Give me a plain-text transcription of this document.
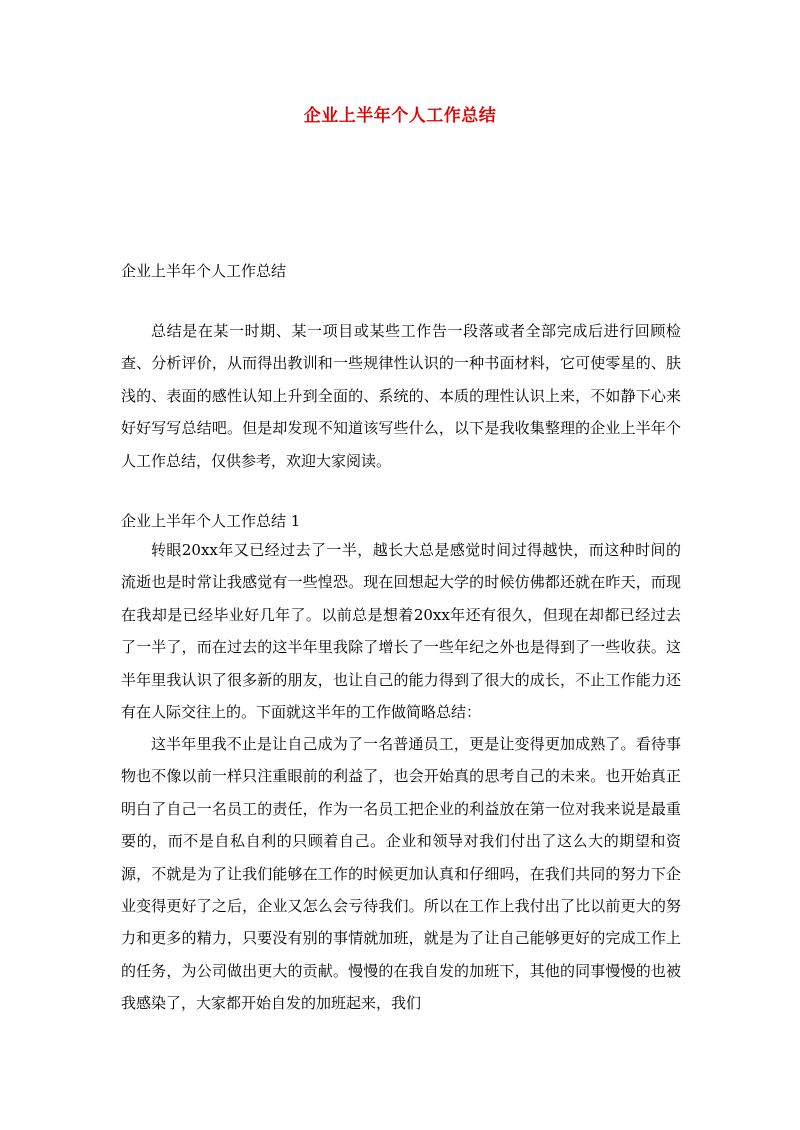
企业上半年个人工作总结
企业上半年个人工作总结

总结是在某一时期、某一项目或某些工作告一段落或者全部完成后进行回顾检查、分析评价，从而得出教训和一些规律性认识的一种书面材料，它可使零星的、肤浅的、表面的感性认知上升到全面的、系统的、本质的理性认识上来，不如静下心来好好写写总结吧。但是却发现不知道该写些什么，以下是我收集整理的企业上半年个人工作总结，仅供参考，欢迎大家阅读。

企业上半年个人工作总结 1

转眼20xx年又已经过去了一半，越长大总是感觉时间过得越快，而这种时间的流逝也是时常让我感觉有一些惶恐。现在回想起大学的时候仿佛都还就在昨天，而现在我却是已经毕业好几年了。以前总是想着20xx年还有很久，但现在却都已经过去了一半了，而在过去的这半年里我除了增长了一些年纪之外也是得到了一些收获。这半年里我认识了很多新的朋友，也让自己的能力得到了很大的成长，不止工作能力还有在人际交往上的。下面就这半年的工作做简略总结：

这半年里我不止是让自己成为了一名普通员工，更是让变得更加成熟了。看待事物也不像以前一样只注重眼前的利益了，也会开始真的思考自己的未来。也开始真正明白了自己一名员工的责任，作为一名员工把企业的利益放在第一位对我来说是最重要的，而不是自私自利的只顾着自己。企业和领导对我们付出了这么大的期望和资源，不就是为了让我们能够在工作的时候更加认真和仔细吗，在我们共同的努力下企业变得更好了之后，企业又怎么会亏待我们。所以在工作上我付出了比以前更大的努力和更多的精力，只要没有别的事情就加班，就是为了让自己能够更好的完成工作上的任务，为公司做出更大的贡献。慢慢的在我自发的加班下，其他的同事慢慢的也被我感染了，大家都开始自发的加班起来，我们
